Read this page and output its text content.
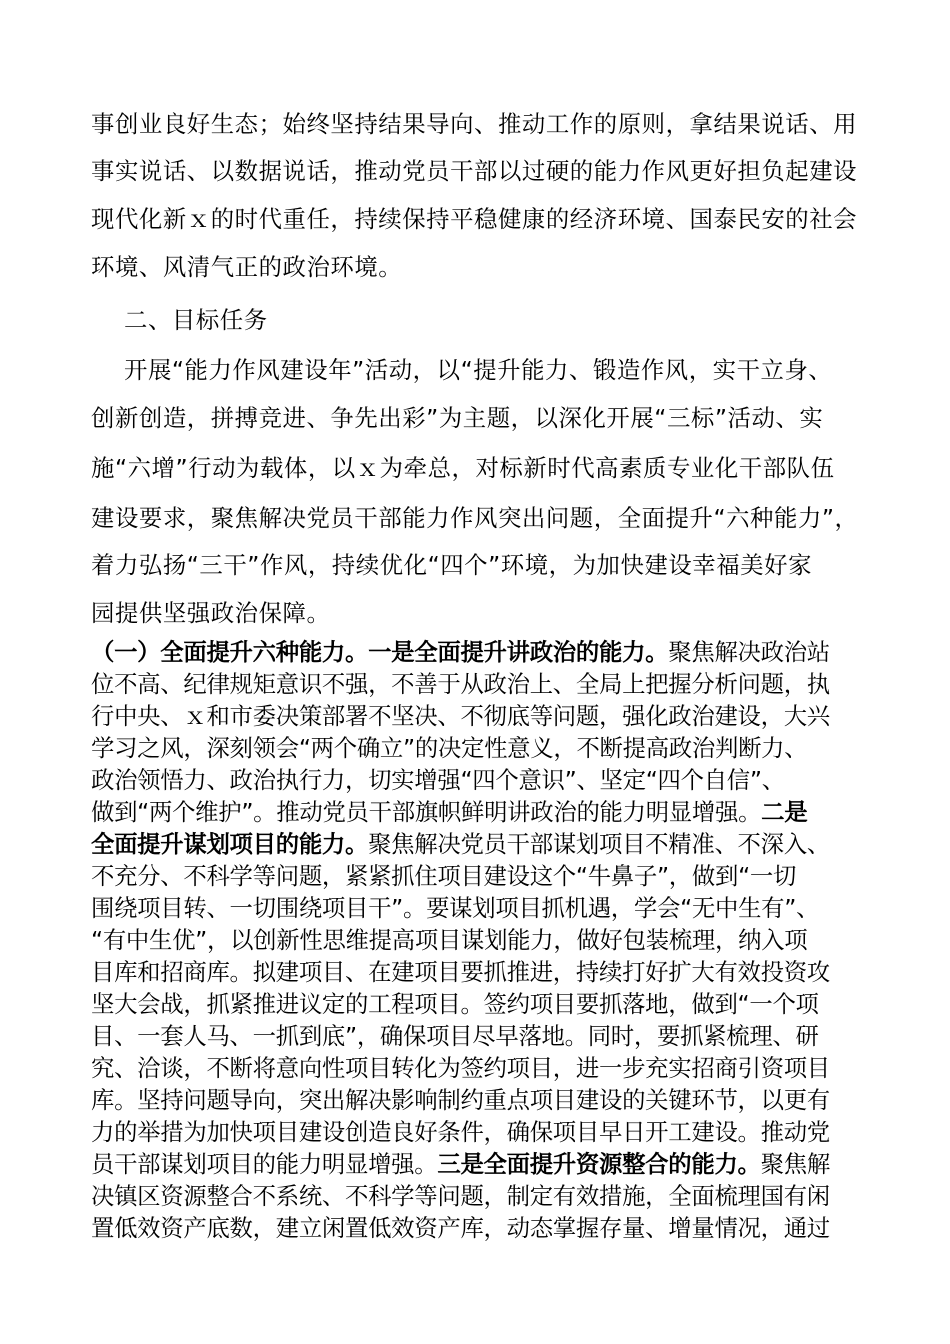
事创业良好生态；始终坚持结果导向、推动工作的原则，拿结果说话、用
事实说话、以数据说话，推动党员干部以过硬的能力作风更好担负起建设
现代化新ｘ的时代重任，持续保持平稳健康的经济环境、国泰民安的社会
环境、风清气正的政治环境。
二、目标任务
开展“能力作风建设年”活动，以“提升能力、锻造作风，实干立身、
创新创造，拼搏竞进、争先出彩”为主题，以深化开展“三标”活动、实
施“六增”行动为载体，以ｘ为牵总，对标新时代高素质专业化干部队伍
建设要求，聚焦解决党员干部能力作风突出问题，全面提升“六种能力”，
着力弘扬“三干”作风，持续优化“四个”环境，为加快建设幸福美好家
园提供坚强政治保障。
（一）全面提升六种能力。一是全面提升讲政治的能力。聚焦解决政治站
位不高、纪律规矩意识不强，不善于从政治上、全局上把握分析问题，执
行中央、ｘ和市委决策部署不坚决、不彻底等问题，强化政治建设，大兴
学习之风，深刻领会“两个确立”的决定性意义，不断提高政治判断力、
政治领悟力、政治执行力，切实增强“四个意识”、坚定“四个自信”、
做到“两个维护”。推动党员干部旗帜鲜明讲政治的能力明显增强。二是
全面提升谋划项目的能力。聚焦解决党员干部谋划项目不精准、不深入、
不充分、不科学等问题，紧紧抓住项目建设这个“牛鼻子”，做到“一切
围绕项目转、一切围绕项目干”。要谋划项目抓机遇，学会“无中生有”、
“有中生优”，以创新性思维提高项目谋划能力，做好包装梳理，纳入项
目库和招商库。拟建项目、在建项目要抓推进，持续打好扩大有效投资攻
坚大会战，抓紧推进议定的工程项目。签约项目要抓落地，做到“一个项
目、一套人马、一抓到底”，确保项目尽早落地。同时，要抓紧梳理、研
究、洽谈，不断将意向性项目转化为签约项目，进一步充实招商引资项目
库。坚持问题导向，突出解决影响制约重点项目建设的关键环节，以更有
力的举措为加快项目建设创造良好条件，确保项目早日开工建设。推动党
员干部谋划项目的能力明显增强。三是全面提升资源整合的能力。聚焦解
决镇区资源整合不系统、不科学等问题，制定有效措施，全面梳理国有闲
置低效资产底数，建立闲置低效资产库，动态掌握存量、增量情况，通过
